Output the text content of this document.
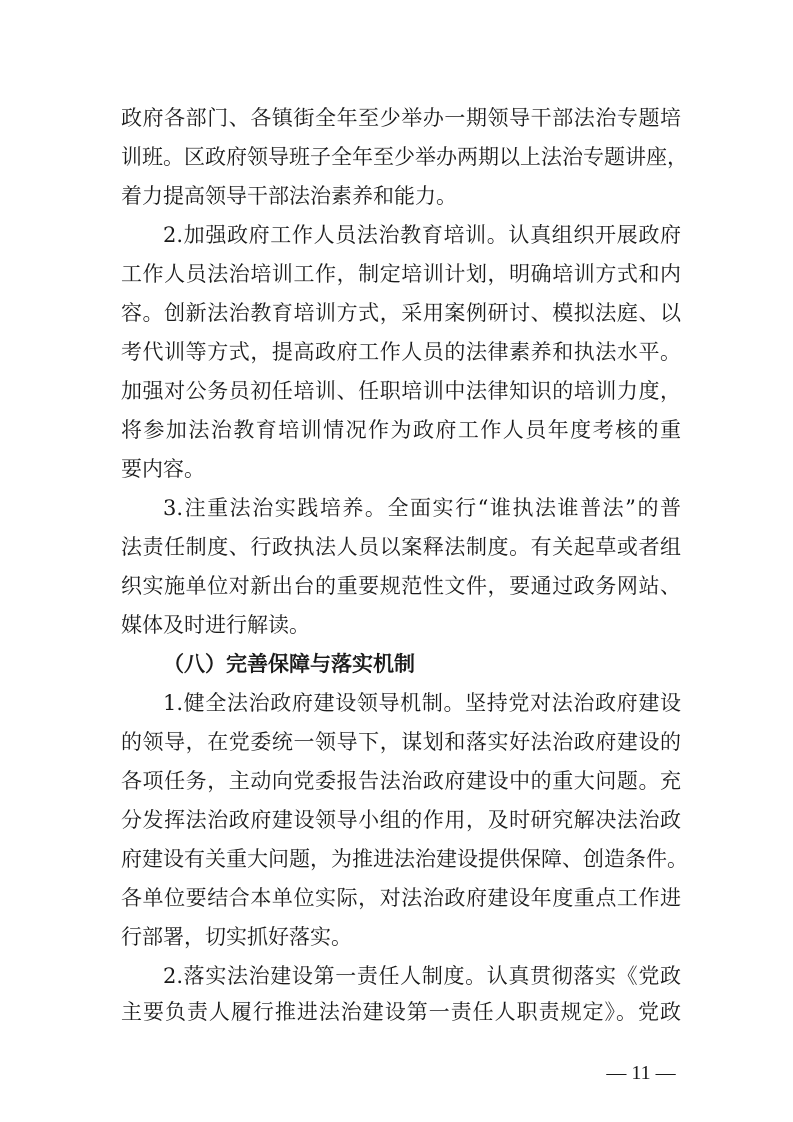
政府各部门、各镇街全年至少举办一期领导干部法治专题培
训班。区政府领导班子全年至少举办两期以上法治专题讲座，
着力提高领导干部法治素养和能力。
2.加强政府工作人员法治教育培训。认真组织开展政府
工作人员法治培训工作，制定培训计划，明确培训方式和内
容。创新法治教育培训方式，采用案例研讨、模拟法庭、以
考代训等方式，提高政府工作人员的法律素养和执法水平。
加强对公务员初任培训、任职培训中法律知识的培训力度，
将参加法治教育培训情况作为政府工作人员年度考核的重
要内容。
3.注重法治实践培养。全面实行“谁执法谁普法”的普
法责任制度、行政执法人员以案释法制度。有关起草或者组
织实施单位对新出台的重要规范性文件，要通过政务网站、
媒体及时进行解读。
（八）完善保障与落实机制
1.健全法治政府建设领导机制。坚持党对法治政府建设
的领导，在党委统一领导下，谋划和落实好法治政府建设的
各项任务，主动向党委报告法治政府建设中的重大问题。充
分发挥法治政府建设领导小组的作用，及时研究解决法治政
府建设有关重大问题，为推进法治建设提供保障、创造条件。
各单位要结合本单位实际，对法治政府建设年度重点工作进
行部署，切实抓好落实。
2.落实法治建设第一责任人制度。认真贯彻落实《党政
主要负责人履行推进法治建设第一责任人职责规定》。党政
— 11 —
